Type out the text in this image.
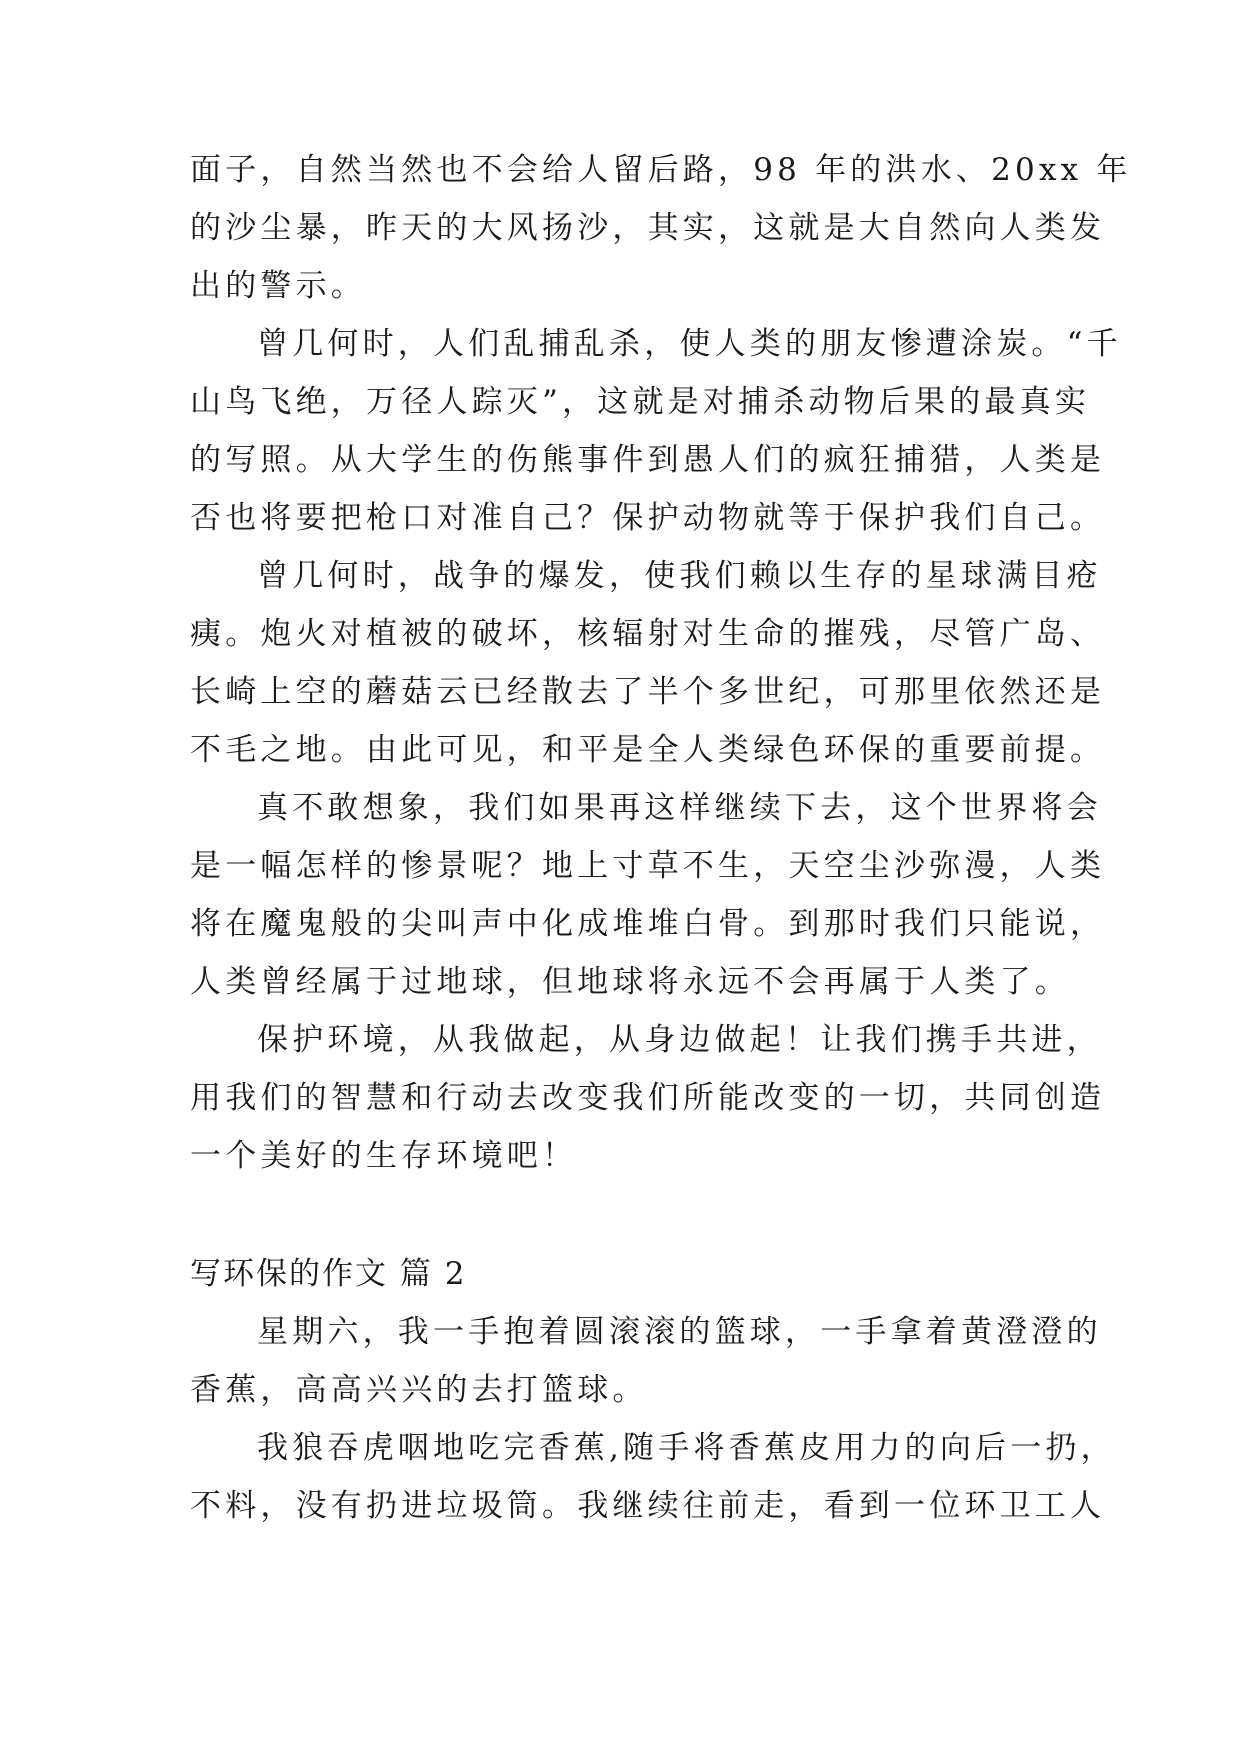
面子，自然当然也不会给人留后路，98 年的洪水、20xx 年
的沙尘暴，昨天的大风扬沙，其实，这就是大自然向人类发
出的警示。
曾几何时，人们乱捕乱杀，使人类的朋友惨遭涂炭。“千
山鸟飞绝，万径人踪灭”，这就是对捕杀动物后果的最真实
的写照。从大学生的伤熊事件到愚人们的疯狂捕猎，人类是
否也将要把枪口对准自己？保护动物就等于保护我们自己。
曾几何时，战争的爆发，使我们赖以生存的星球满目疮
痍。炮火对植被的破坏，核辐射对生命的摧残，尽管广岛、
长崎上空的蘑菇云已经散去了半个多世纪，可那里依然还是
不毛之地。由此可见，和平是全人类绿色环保的重要前提。
真不敢想象，我们如果再这样继续下去，这个世界将会
是一幅怎样的惨景呢？地上寸草不生，天空尘沙弥漫，人类
将在魔鬼般的尖叫声中化成堆堆白骨。到那时我们只能说，
人类曾经属于过地球，但地球将永远不会再属于人类了。
保护环境，从我做起，从身边做起！让我们携手共进，
用我们的智慧和行动去改变我们所能改变的一切，共同创造
一个美好的生存环境吧！
写环保的作文 篇 2
星期六，我一手抱着圆滚滚的篮球，一手拿着黄澄澄的
香蕉，高高兴兴的去打篮球。
我狼吞虎咽地吃完香蕉,随手将香蕉皮用力的向后一扔，
不料，没有扔进垃圾筒。我继续往前走，看到一位环卫工人
